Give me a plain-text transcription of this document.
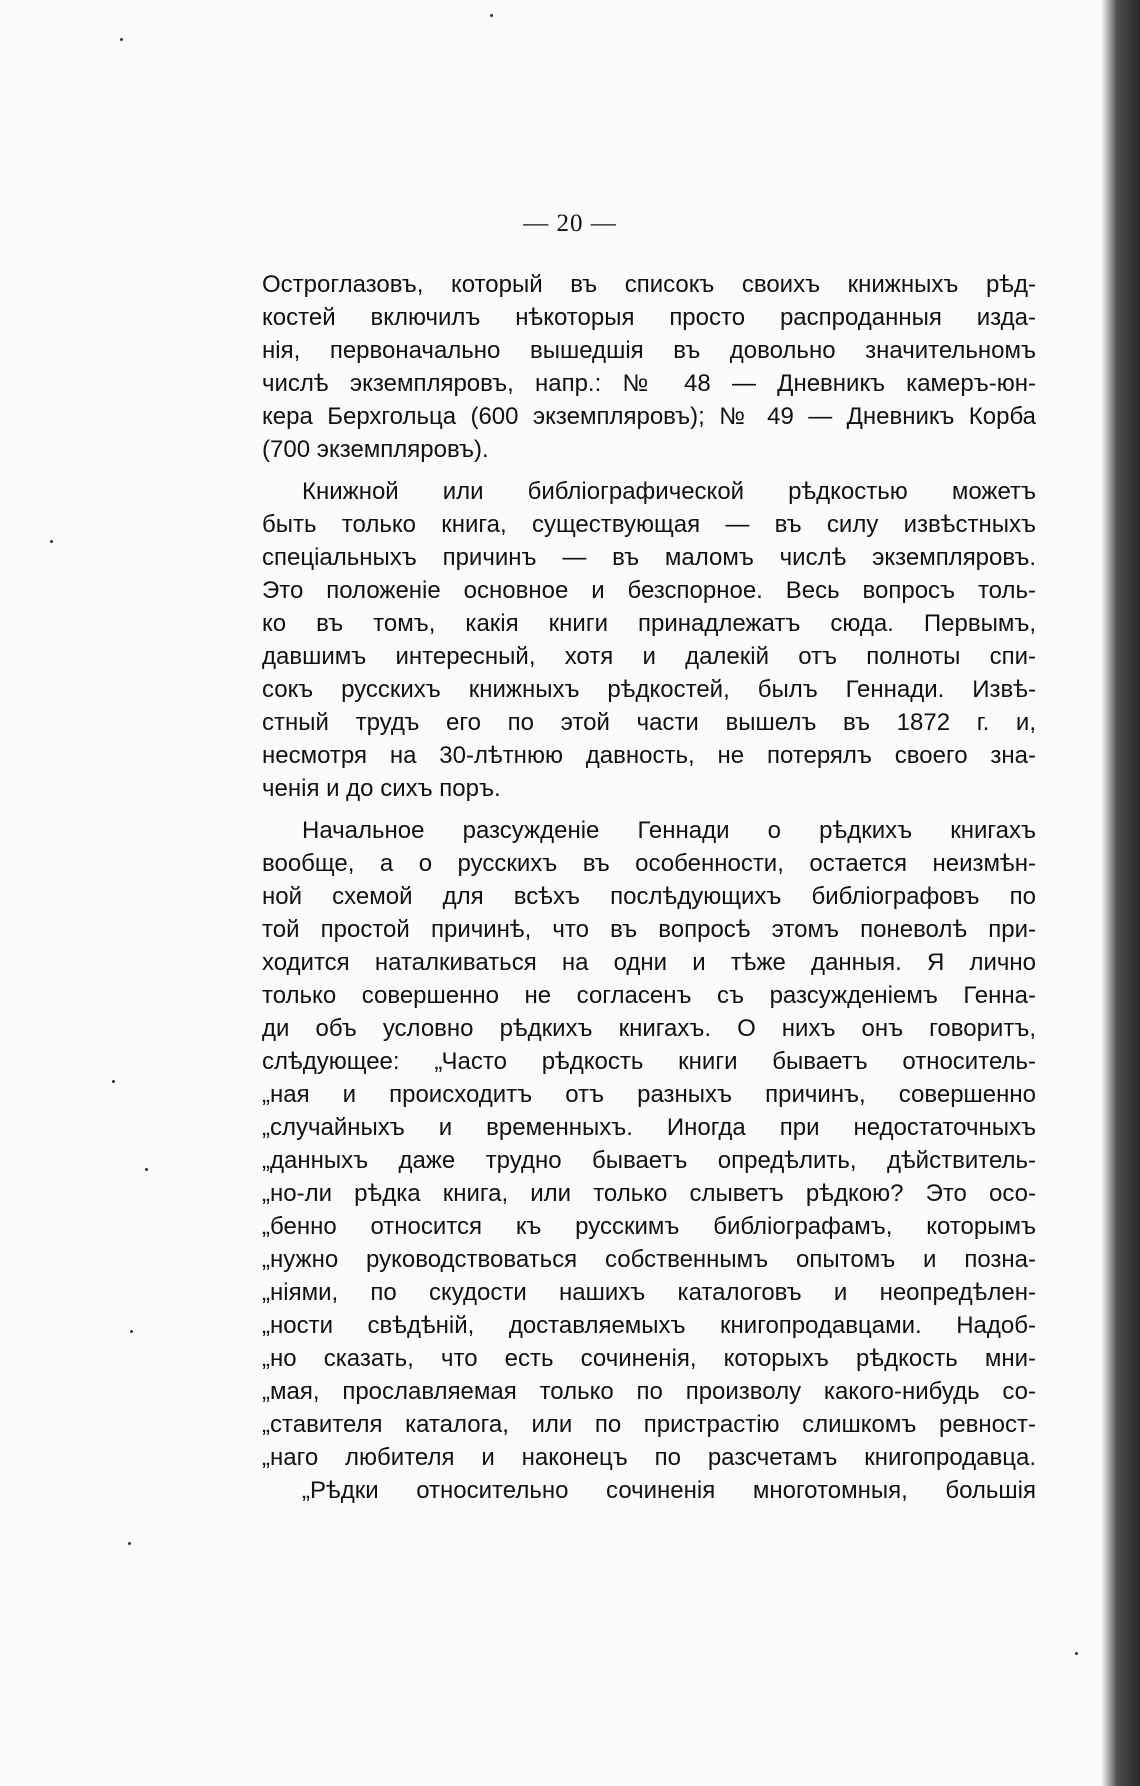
— 20 —
Остроглазовъ, который въ списокъ своихъ книжныхъ рѣд-
костей включилъ нѣкоторыя просто распроданныя изда-
нія, первоначально вышедшія въ довольно значительномъ
числѣ экземпляровъ, напр.: № 48 — Дневникъ камеръ-юн-
кера Берхгольца (600 экземпляровъ); № 49 — Дневникъ Корба
(700 экземпляровъ).
Книжной или библіографической рѣдкостью можетъ
быть только книга, существующая — въ силу извѣстныхъ
спеціальныхъ причинъ — въ маломъ числѣ экземпляровъ.
Это положеніе основное и безспорное. Весь вопросъ толь-
ко въ томъ, какія книги принадлежатъ сюда. Первымъ,
давшимъ интересный, хотя и далекій отъ полноты спи-
сокъ русскихъ книжныхъ рѣдкостей, былъ Геннади. Извѣ-
стный трудъ его по этой части вышелъ въ 1872 г. и,
несмотря на 30-лѣтнюю давность, не потерялъ своего зна-
ченія и до сихъ поръ.
Начальное разсужденіе Геннади о рѣдкихъ книгахъ
вообще, а о русскихъ въ особенности, остается неизмѣн-
ной схемой для всѣхъ послѣдующихъ библіографовъ по
той простой причинѣ, что въ вопросѣ этомъ поневолѣ при-
ходится наталкиваться на одни и тѣже данныя. Я лично
только совершенно не согласенъ съ разсужденіемъ Генна-
ди объ условно рѣдкихъ книгахъ. О нихъ онъ говоритъ,
слѣдующее: „Часто рѣдкость книги бываетъ относитель-
„ная и происходитъ отъ разныхъ причинъ, совершенно
„случайныхъ и временныхъ. Иногда при недостаточныхъ
„данныхъ даже трудно бываетъ опредѣлить, дѣйствитель-
„но-ли рѣдка книга, или только слыветъ рѣдкою? Это осо-
„бенно относится къ русскимъ библіографамъ, которымъ
„нужно руководствоваться собственнымъ опытомъ и позна-
„ніями, по скудости нашихъ каталоговъ и неопредѣлен-
„ности свѣдѣній, доставляемыхъ книгопродавцами. Надоб-
„но сказать, что есть сочиненія, которыхъ рѣдкость мни-
„мая, прославляемая только по произволу какого-нибудь со-
„ставителя каталога, или по пристрастію слишкомъ ревност-
„наго любителя и наконецъ по разсчетамъ книгопродавца.
„Рѣдки относительно сочиненія многотомныя, большія
